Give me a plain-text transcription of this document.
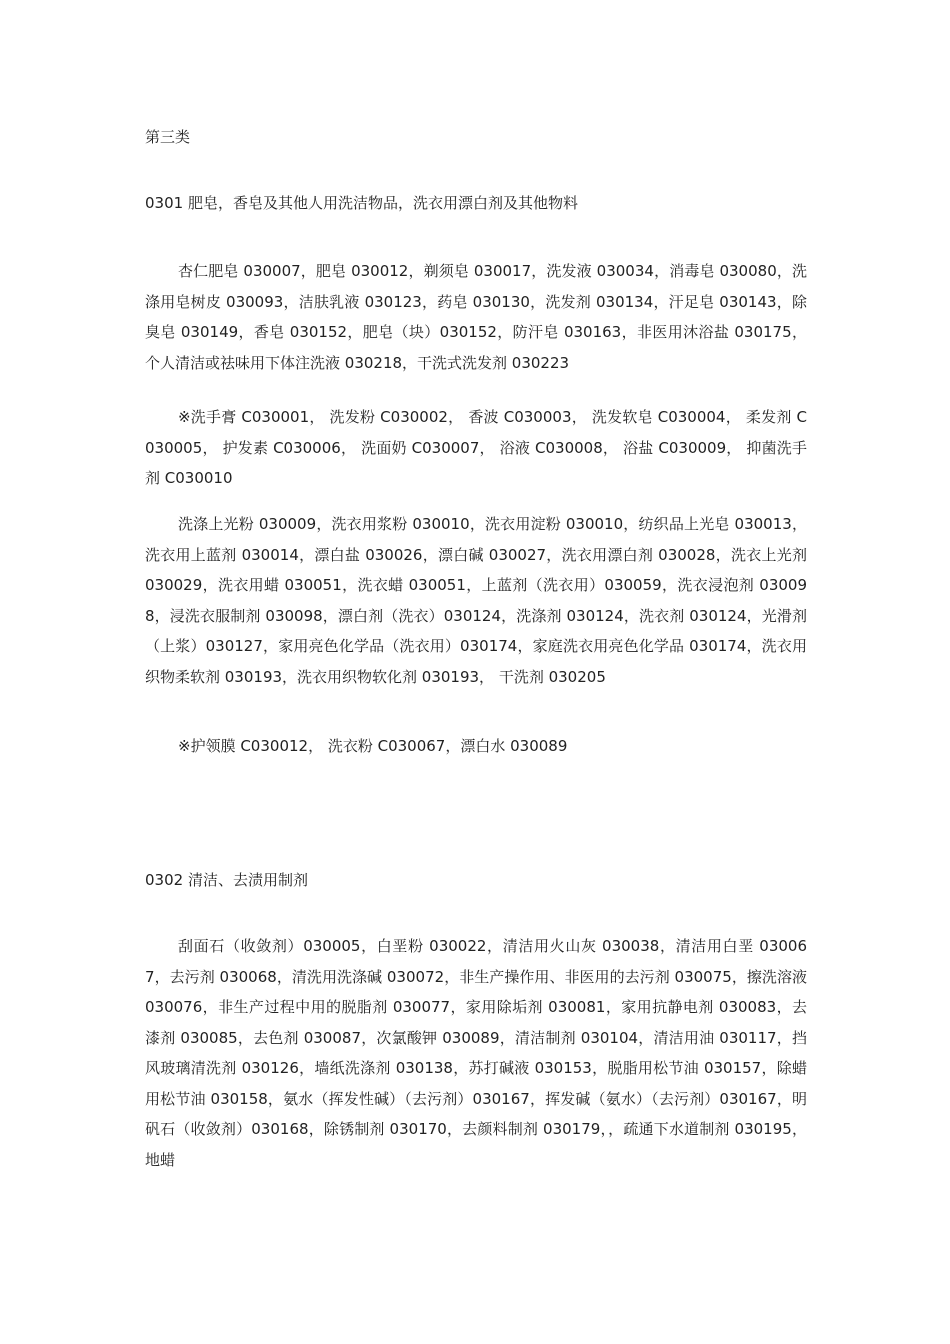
第三类
0301 肥皂，香皂及其他人用洗洁物品，洗衣用漂白剂及其他物料

杏仁肥皂 030007，肥皂 030012，剃须皂 030017，洗发液 030034，消毒皂 030080，洗涤用皂树皮 030093，洁肤乳液 030123，药皂 030130，洗发剂 030134，汗足皂 030143，除臭皂 030149，香皂 030152，肥皂（块）030152，防汗皂 030163，非医用沐浴盐 030175，个人清洁或祛味用下体注洗液 030218，干洗式洗发剂 030223

※洗手膏 C030001， 洗发粉 C030002， 香波 C030003， 洗发软皂 C030004， 柔发剂 C030005， 护发素 C030006， 洗面奶 C030007， 浴液 C030008， 浴盐 C030009， 抑菌洗手剂 C030010

洗涤上光粉 030009，洗衣用浆粉 030010，洗衣用淀粉 030010，纺织品上光皂 030013，洗衣用上蓝剂 030014，漂白盐 030026，漂白碱 030027，洗衣用漂白剂 030028，洗衣上光剂 030029，洗衣用蜡 030051，洗衣蜡 030051，上蓝剂（洗衣用）030059，洗衣浸泡剂 030098，浸洗衣服制剂 030098，漂白剂（洗衣）030124，洗涤剂 030124，洗衣剂 030124，光滑剂（上浆）030127，家用亮色化学品（洗衣用）030174，家庭洗衣用亮色化学品 030174，洗衣用织物柔软剂 030193，洗衣用织物软化剂 030193， 干洗剂 030205

※护领膜 C030012， 洗衣粉 C030067，漂白水 030089

0302 清洁、去渍用制剂

刮面石（收敛剂）030005，白垩粉 030022，清洁用火山灰 030038，清洁用白垩 030067，去污剂 030068，清洗用洗涤碱 030072，非生产操作用、非医用的去污剂 030075，擦洗溶液 030076，非生产过程中用的脱脂剂 030077，家用除垢剂 030081，家用抗静电剂 030083，去漆剂 030085，去色剂 030087，次氯酸钾 030089，清洁制剂 030104，清洁用油 030117，挡风玻璃清洗剂 030126，墙纸洗涤剂 030138，苏打碱液 030153，脱脂用松节油 030157，除蜡用松节油 030158，氨水（挥发性碱）（去污剂）030167，挥发碱（氨水）（去污剂）030167，明矾石（收敛剂）030168，除锈制剂 030170，去颜料制剂 030179，，疏通下水道制剂 030195，地蜡
